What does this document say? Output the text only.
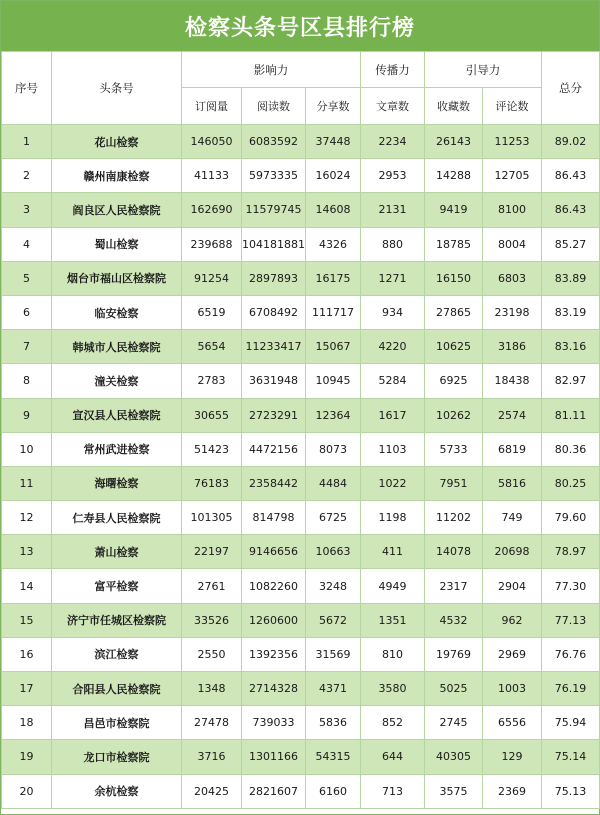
检察头条号区县排行榜
序号	头条号	影响力			传播力	引导力		总分
		订阅量	阅读数	分享数	文章数	收藏数	评论数	
1	花山检察	146050	6083592	37448	2234	26143	11253	89.02
2	赣州南康检察	41133	5973335	16024	2953	14288	12705	86.43
3	阎良区人民检察院	162690	11579745	14608	2131	9419	8100	86.43
4	蜀山检察	239688	104181881	4326	880	18785	8004	85.27
5	烟台市福山区检察院	91254	2897893	16175	1271	16150	6803	83.89
6	临安检察	6519	6708492	111717	934	27865	23198	83.19
7	韩城市人民检察院	5654	11233417	15067	4220	10625	3186	83.16
8	潼关检察	2783	3631948	10945	5284	6925	18438	82.97
9	宣汉县人民检察院	30655	2723291	12364	1617	10262	2574	81.11
10	常州武进检察	51423	4472156	8073	1103	5733	6819	80.36
11	海曙检察	76183	2358442	4484	1022	7951	5816	80.25
12	仁寿县人民检察院	101305	814798	6725	1198	11202	749	79.60
13	萧山检察	22197	9146656	10663	411	14078	20698	78.97
14	富平检察	2761	1082260	3248	4949	2317	2904	77.30
15	济宁市任城区检察院	33526	1260600	5672	1351	4532	962	77.13
16	滨江检察	2550	1392356	31569	810	19769	2969	76.76
17	合阳县人民检察院	1348	2714328	4371	3580	5025	1003	76.19
18	昌邑市检察院	27478	739033	5836	852	2745	6556	75.94
19	龙口市检察院	3716	1301166	54315	644	40305	129	75.14
20	余杭检察	20425	2821607	6160	713	3575	2369	75.13
